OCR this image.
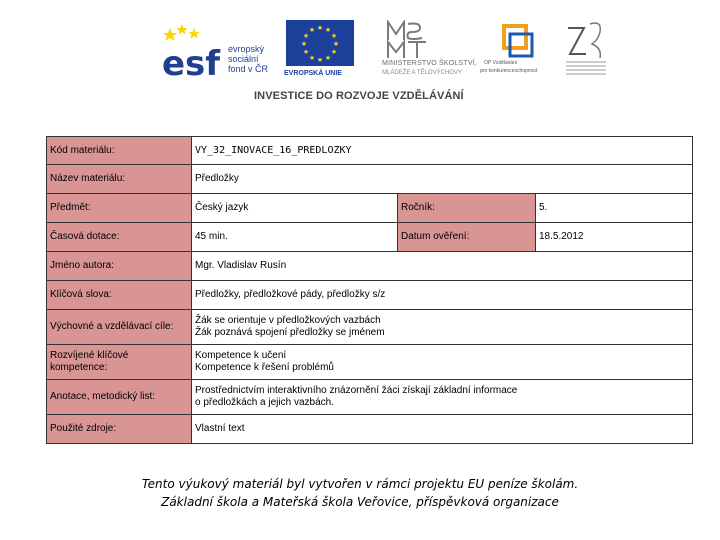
esf evropský
sociální
fond v ČR
★ ★
★
★
★
★
★
★
★
★
★
★
EVROPSKÁ UNIE
MINISTERSTVO ŠKOLSTVÍ,
MLÁDEŽE A TĚLOVÝCHOVY
OP Vzdělávání
pro konkurenceschopnost
INVESTICE DO ROZVOJE VZDĚLÁVÁNÍ
Kód materiálu:	VY_32_INOVACE_16_PREDLOZKY		
Název materiálu:	Předložky		
Předmět:	Český jazyk	Ročník:	5.
Časová dotace:	45 min.	Datum ověření:	18.5.2012
Jméno autora:	Mgr. Vladislav Rusín		
Klíčová slova:	Předložky, předložkové pády, předložky s/z		
Výchovné a vzdělávací cíle:	Žák se orientuje v předložkových vazbách
Žák poznává spojení předložky se jménem		

Rozvíjené klíčové kompetence:	Kompetence k učení
Kompetence k řešení problémů		

Anotace, metodický list:	Prostřednictvím interaktivního znázornění žáci získají základní informace
o předložkách a jejich vazbách.		

Použité zdroje:	Vlastní text		
Tento výukový materiál byl vytvořen v rámci projektu EU peníze školám.
Základní škola a Mateřská škola Veřovice, příspěvková organizace
